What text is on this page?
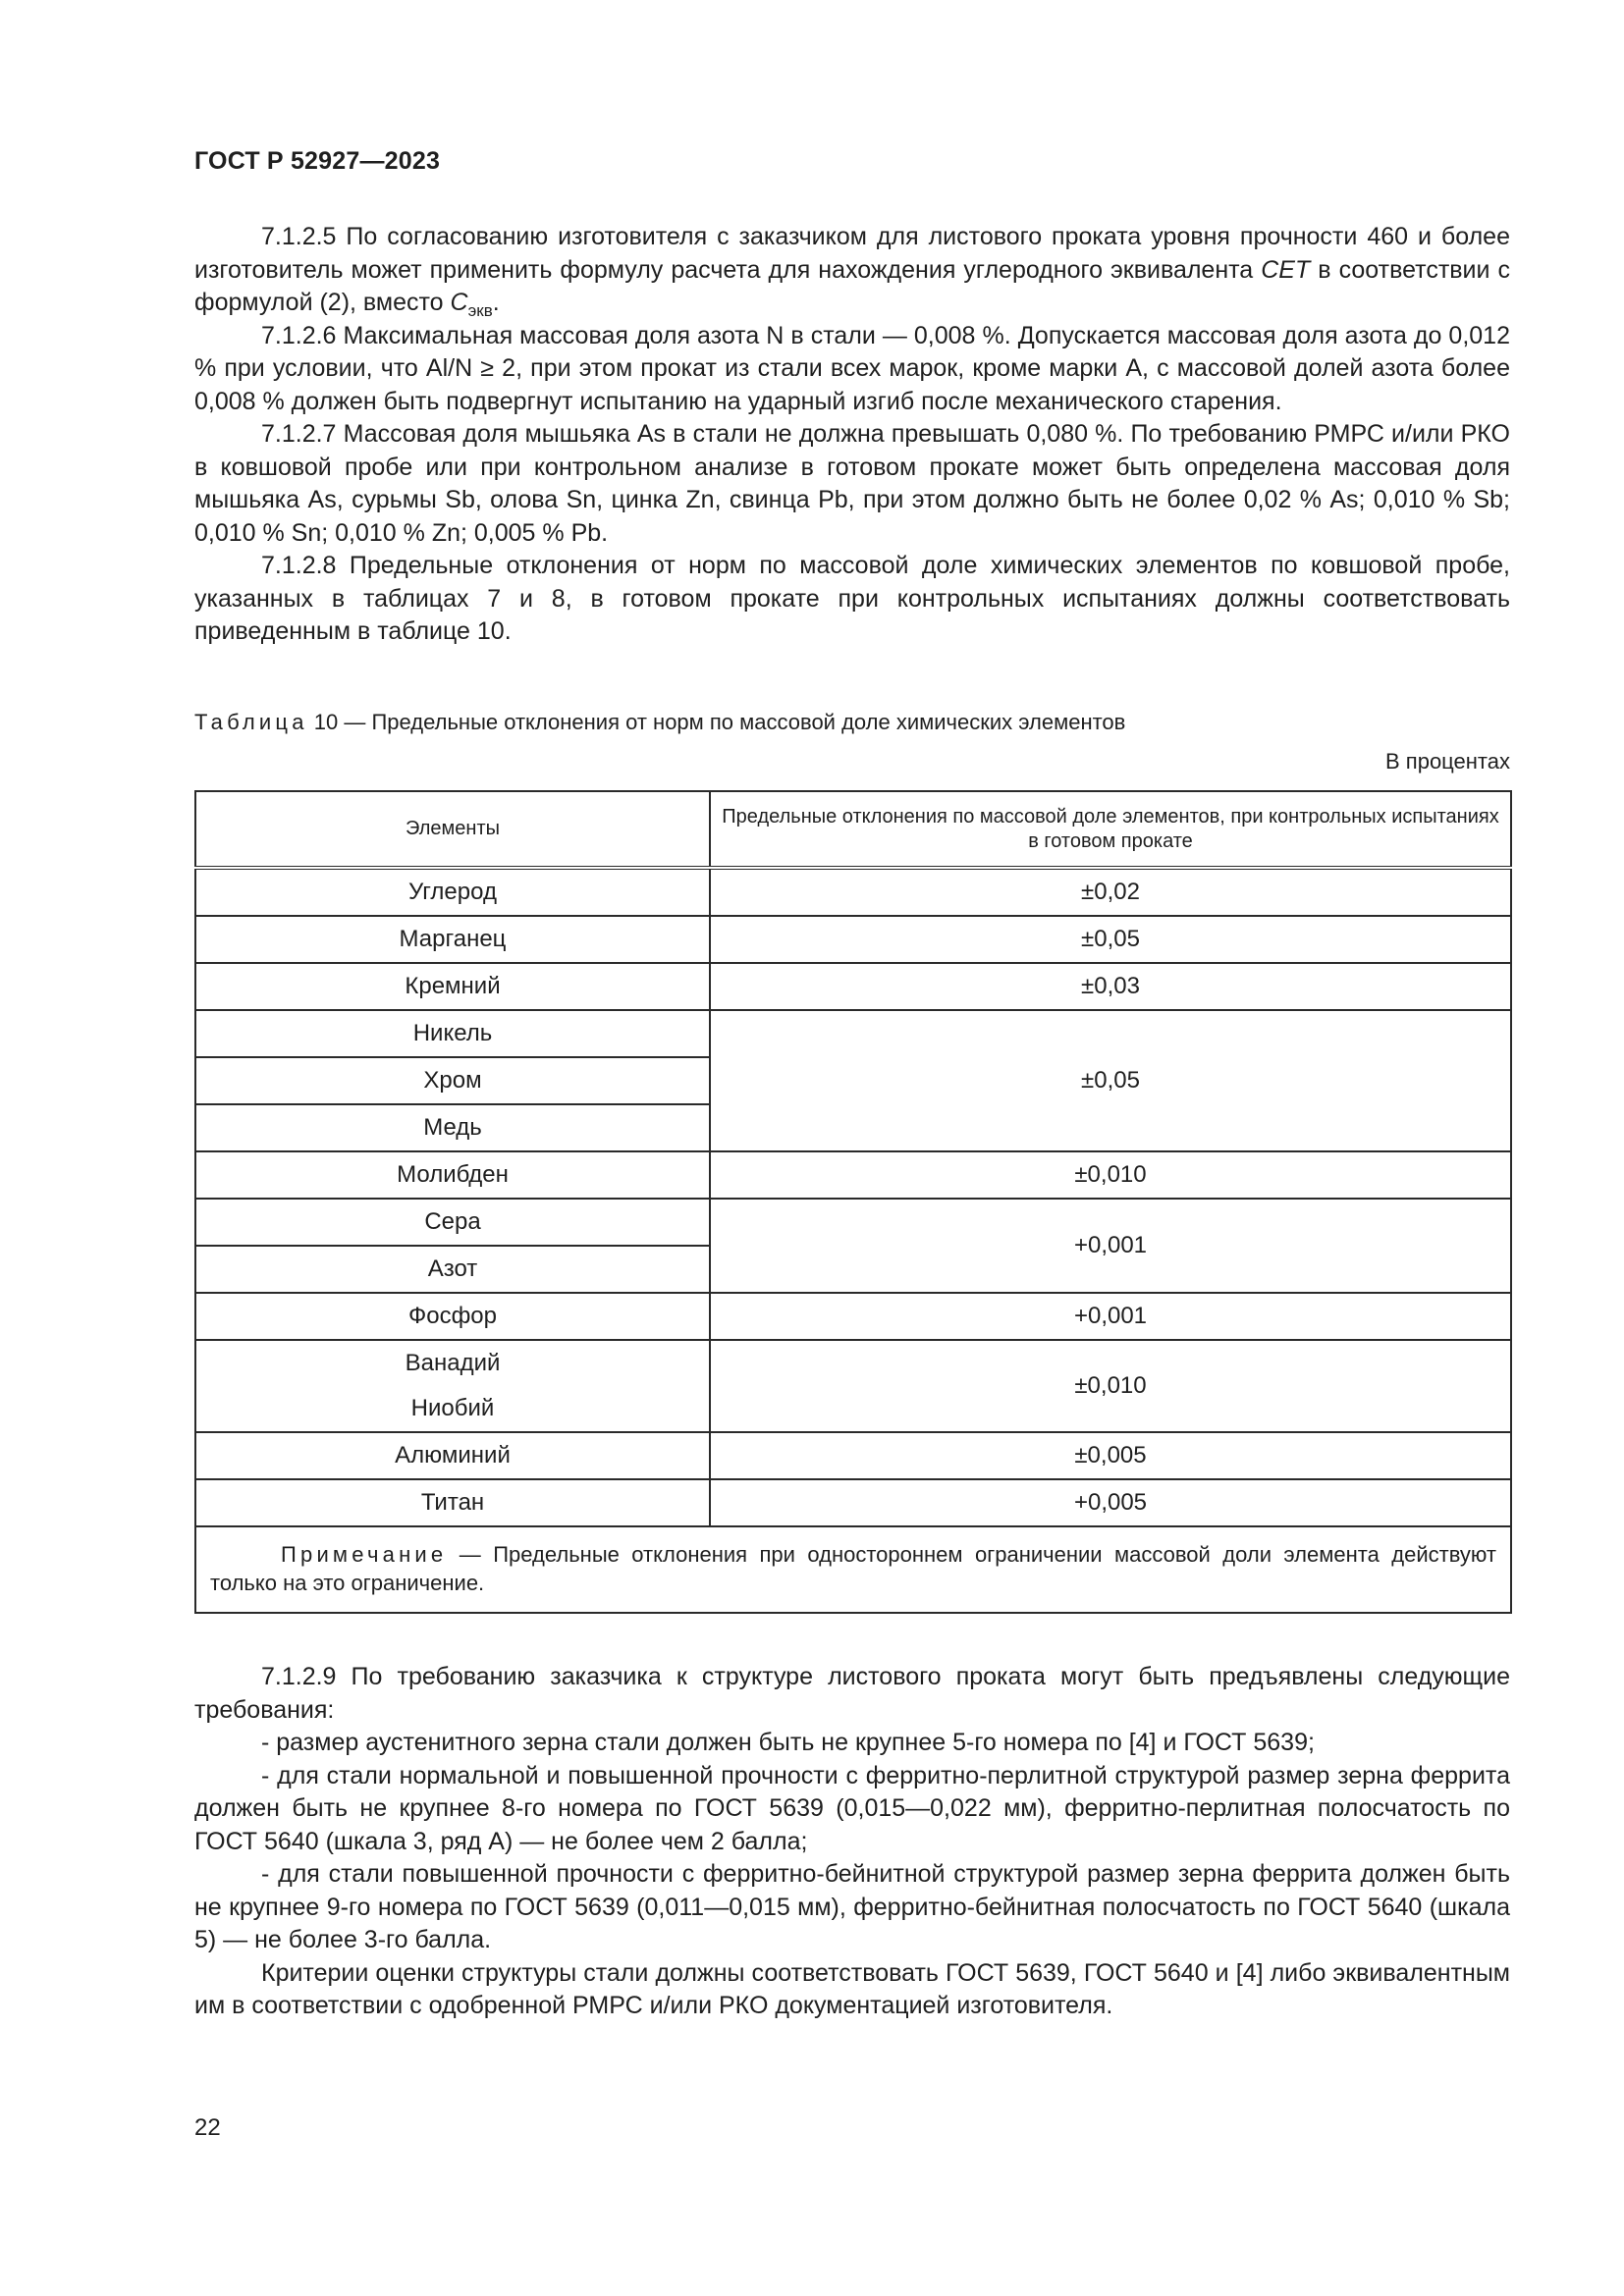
ГОСТ Р 52927—2023

7.1.2.5 По согласованию изготовителя с заказчиком для листового проката уровня прочности 460 и более изготовитель может применить формулу расчета для нахождения углеродного эквивалента CET в соответствии с формулой (2), вместо $C_{экв}$.

7.1.2.6 Максимальная массовая доля азота N в стали — 0,008 %. Допускается массовая доля азота до 0,012 % при условии, что Al/N ≥ 2, при этом прокат из стали всех марок, кроме марки А, с массовой долей азота более 0,008 % должен быть подвергнут испытанию на ударный изгиб после механического старения.

7.1.2.7 Массовая доля мышьяка As в стали не должна превышать 0,080 %. По требованию РМРС и/или РКО в ковшовой пробе или при контрольном анализе в готовом прокате может быть определена массовая доля мышьяка As, сурьмы Sb, олова Sn, цинка Zn, свинца Pb, при этом должно быть не более 0,02 % As; 0,010 % Sb; 0,010 % Sn; 0,010 % Zn; 0,005 % Pb.

7.1.2.8 Предельные отклонения от норм по массовой доле химических элементов по ковшовой пробе, указанных в таблицах 7 и 8, в готовом прокате при контрольных испытаниях должны соответствовать приведенным в таблице 10.

Таблица 10 — Предельные отклонения от норм по массовой доле химических элементов
В процентах
Элементы	Предельные отклонения по массовой доле элементов, при контрольных испытаниях в готовом прокате
Углерод	±0,02
Марганец	±0,05
Кремний	±0,03
Никель	±0,05
Хром	
Медь	
Молибден	±0,010
Сера	+0,001
Азот	
Фосфор	+0,001
Ванадий	±0,010
Ниобий	
Алюминий	±0,005
Титан	+0,005
Примечание — Предельные отклонения при одностороннем ограничении массовой доли элемента действуют только на это ограничение.	

7.1.2.9 По требованию заказчика к структуре листового проката могут быть предъявлены следующие требования:

- размер аустенитного зерна стали должен быть не крупнее 5-го номера по [4] и ГОСТ 5639;

- для стали нормальной и повышенной прочности с ферритно-перлитной структурой размер зерна феррита должен быть не крупнее 8-го номера по ГОСТ 5639 (0,015—0,022 мм), ферритно-перлитная полосчатость по ГОСТ 5640 (шкала 3, ряд А) — не более чем 2 балла;

- для стали повышенной прочности с ферритно-бейнитной структурой размер зерна феррита должен быть не крупнее 9-го номера по ГОСТ 5639 (0,011—0,015 мм), ферритно-бейнитная полосчатость по ГОСТ 5640 (шкала 5) — не более 3-го балла.

Критерии оценки структуры стали должны соответствовать ГОСТ 5639, ГОСТ 5640 и [4] либо эквивалентным им в соответствии с одобренной РМРС и/или РКО документацией изготовителя.

22
